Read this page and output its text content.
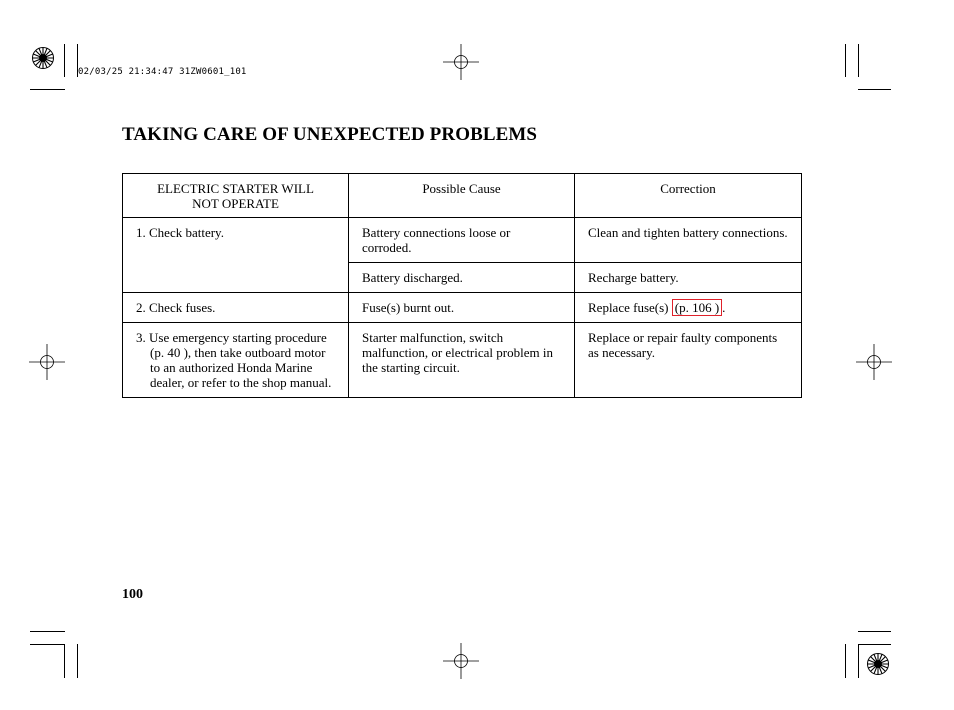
02/03/25 21:34:47 31ZW0601_101
TAKING CARE OF UNEXPECTED PROBLEMS
ELECTRIC STARTER WILL NOT OPERATE	Possible Cause	Correction

1. Check battery.	Battery connections loose or corroded.	Clean and tighten battery connections.
	Battery discharged.	Recharge battery.

2. Check fuses.	Fuse(s) burnt out.	Replace fuse(s) (p. 106 ) .

3. Use emergency starting procedure (p. 40 ), then take outboard motor to an authorized Honda Marine dealer, or refer to the shop manual.	Starter malfunction, switch malfunction, or electrical problem in the starting circuit.	Replace or repair faulty components as necessary.
100
